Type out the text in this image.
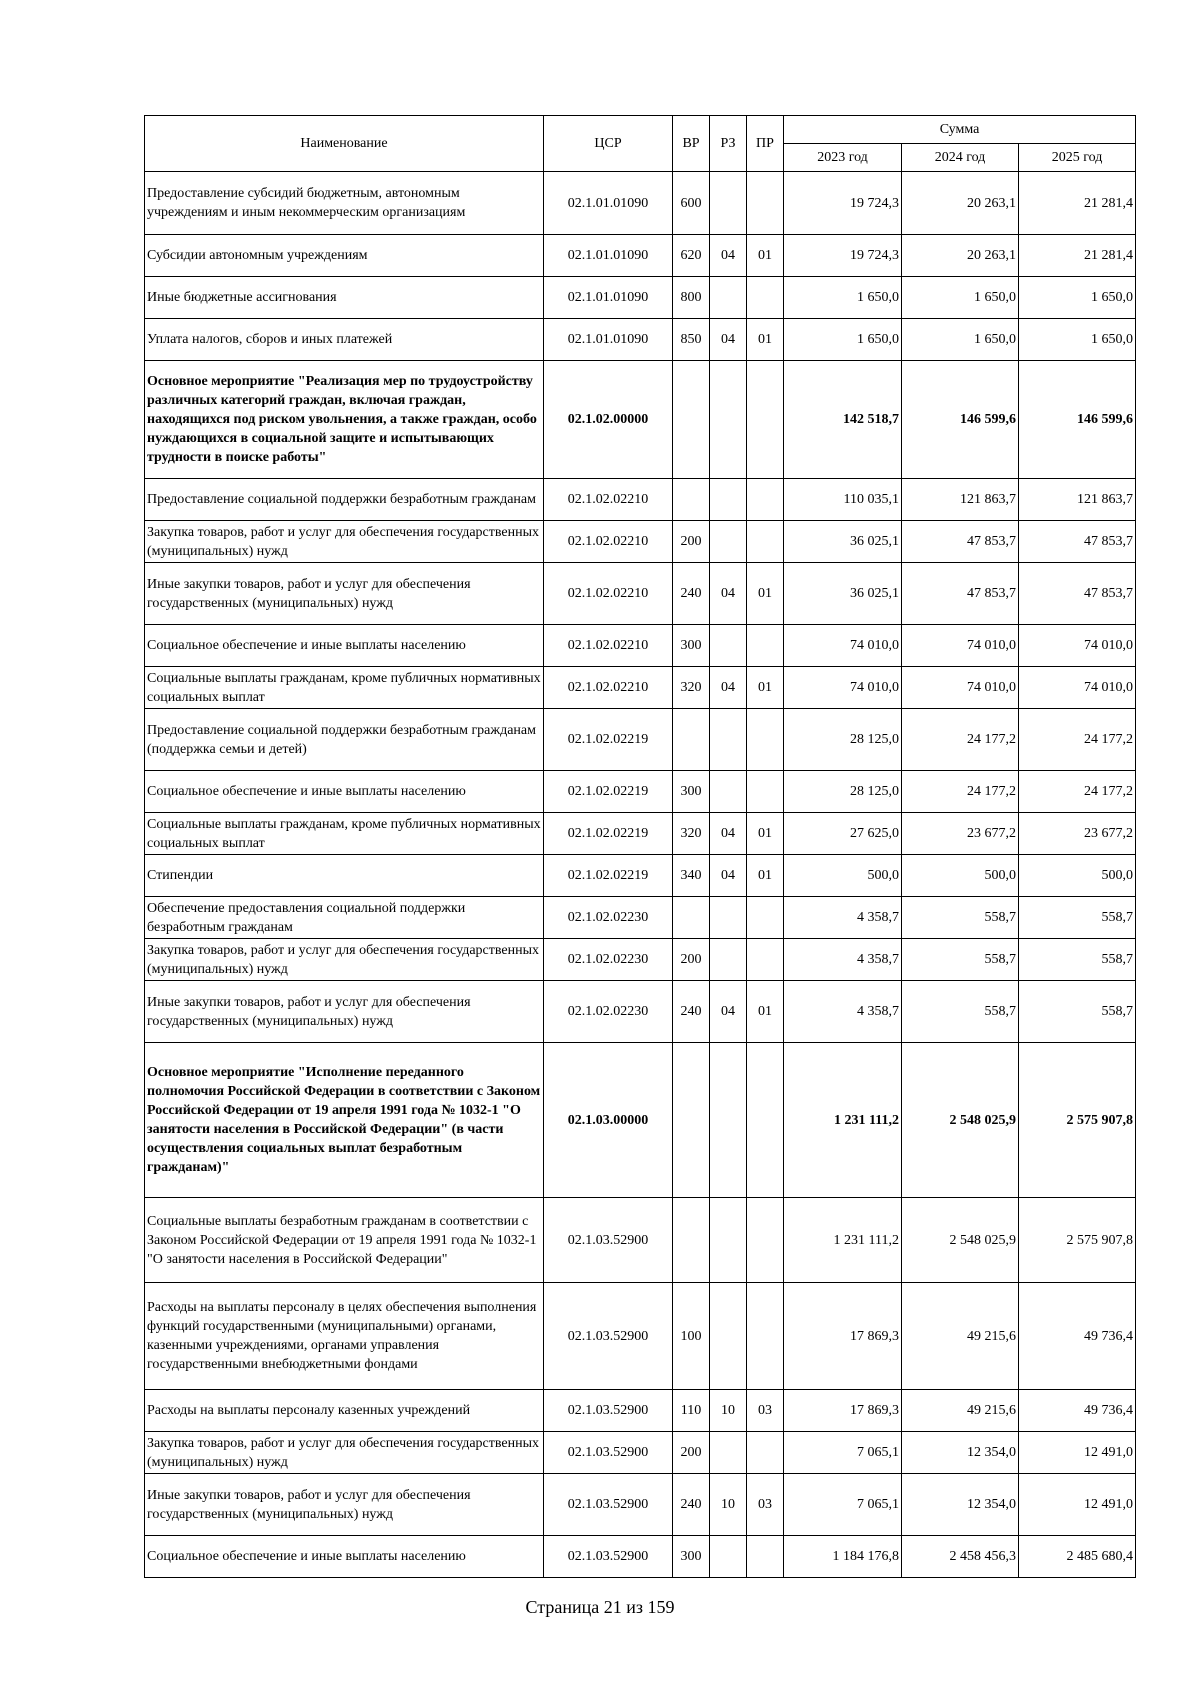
Наименование	ЦСР	ВР	РЗ	ПР	Сумма		
					2023 год	2024 год	2025 год
Предоставление субсидий бюджетным, автономным учреждениям и иным некоммерческим организациям	02.1.01.01090	600			19 724,3	20 263,1	21 281,4
Субсидии автономным учреждениям	02.1.01.01090	620	04	01	19 724,3	20 263,1	21 281,4
Иные бюджетные ассигнования	02.1.01.01090	800			1 650,0	1 650,0	1 650,0
Уплата налогов, сборов и иных платежей	02.1.01.01090	850	04	01	1 650,0	1 650,0	1 650,0
Основное мероприятие "Реализация мер по трудоустройству различных категорий граждан, включая граждан, находящихся под риском увольнения, а также граждан, особо нуждающихся в социальной защите и испытывающих трудности в поиске работы"	02.1.02.00000				142 518,7	146 599,6	146 599,6
Предоставление социальной поддержки безработным гражданам	02.1.02.02210				110 035,1	121 863,7	121 863,7
Закупка товаров, работ и услуг для обеспечения государственных (муниципальных) нужд	02.1.02.02210	200			36 025,1	47 853,7	47 853,7
Иные закупки товаров, работ и услуг для обеспечения государственных (муниципальных) нужд	02.1.02.02210	240	04	01	36 025,1	47 853,7	47 853,7
Социальное обеспечение и иные выплаты населению	02.1.02.02210	300			74 010,0	74 010,0	74 010,0
Социальные выплаты гражданам, кроме публичных нормативных социальных выплат	02.1.02.02210	320	04	01	74 010,0	74 010,0	74 010,0
Предоставление социальной поддержки безработным гражданам (поддержка семьи и детей)	02.1.02.02219				28 125,0	24 177,2	24 177,2
Социальное обеспечение и иные выплаты населению	02.1.02.02219	300			28 125,0	24 177,2	24 177,2
Социальные выплаты гражданам, кроме публичных нормативных социальных выплат	02.1.02.02219	320	04	01	27 625,0	23 677,2	23 677,2
Стипендии	02.1.02.02219	340	04	01	500,0	500,0	500,0
Обеспечение предоставления социальной поддержки безработным гражданам	02.1.02.02230				4 358,7	558,7	558,7
Закупка товаров, работ и услуг для обеспечения государственных (муниципальных) нужд	02.1.02.02230	200			4 358,7	558,7	558,7
Иные закупки товаров, работ и услуг для обеспечения государственных (муниципальных) нужд	02.1.02.02230	240	04	01	4 358,7	558,7	558,7
Основное мероприятие "Исполнение переданного полномочия Российской Федерации в соответствии с Законом Российской Федерации от 19 апреля 1991 года № 1032-1 "О занятости населения в Российской Федерации" (в части осуществления социальных выплат безработным гражданам)"	02.1.03.00000				1 231 111,2	2 548 025,9	2 575 907,8
Социальные выплаты безработным гражданам в соответствии с Законом Российской Федерации от 19 апреля 1991 года № 1032-1 "О занятости населения в Российской Федерации"	02.1.03.52900				1 231 111,2	2 548 025,9	2 575 907,8
Расходы на выплаты персоналу в целях обеспечения выполнения функций государственными (муниципальными) органами, казенными учреждениями, органами управления государственными внебюджетными фондами	02.1.03.52900	100			17 869,3	49 215,6	49 736,4
Расходы на выплаты персоналу казенных учреждений	02.1.03.52900	110	10	03	17 869,3	49 215,6	49 736,4
Закупка товаров, работ и услуг для обеспечения государственных (муниципальных) нужд	02.1.03.52900	200			7 065,1	12 354,0	12 491,0
Иные закупки товаров, работ и услуг для обеспечения государственных (муниципальных) нужд	02.1.03.52900	240	10	03	7 065,1	12 354,0	12 491,0
Социальное обеспечение и иные выплаты населению	02.1.03.52900	300			1 184 176,8	2 458 456,3	2 485 680,4
Страница 21 из 159
